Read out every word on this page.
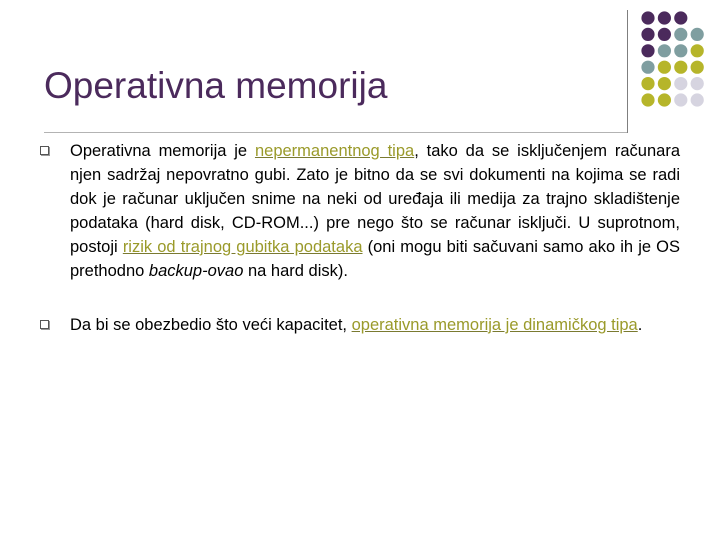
Operativna memorija
Operativna memorija je nepermanentnog tipa, tako da se isključenjem računara njen sadržaj nepovratno gubi. Zato je bitno da se svi dokumenti na kojima se radi dok je računar uključen snime na neki od uređaja ili medija za trajno skladištenje podataka (hard disk, CD-ROM...) pre nego što se računar isključi. U suprotnom, postoji rizik od trajnog gubitka podataka (oni mogu biti sačuvani samo ako ih je OS prethodno backup-ovao na hard disk).
Da bi se obezbedio što veći kapacitet, operativna memorija je dinamičkog tipa.
